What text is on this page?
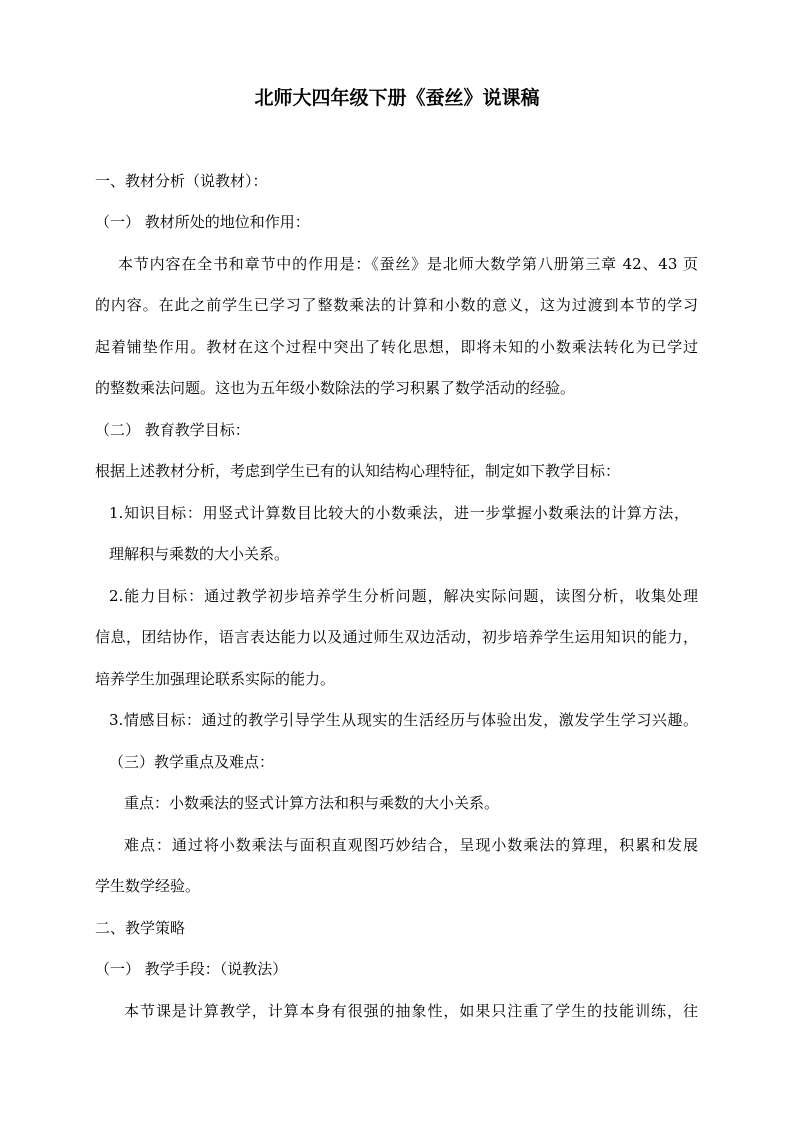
北师大四年级下册《蚕丝》说课稿
一、教材分析（说教材）：
（一） 教材所处的地位和作用：
本节内容在全书和章节中的作用是：《蚕丝》是北师大数学第八册第三章 42、43 页
的内容。在此之前学生已学习了整数乘法的计算和小数的意义，这为过渡到本节的学习
起着铺垫作用。教材在这个过程中突出了转化思想，即将未知的小数乘法转化为已学过
的整数乘法问题。这也为五年级小数除法的学习积累了数学活动的经验。
（二） 教育教学目标：
根据上述教材分析，考虑到学生已有的认知结构心理特征，制定如下教学目标：
1.知识目标：用竖式计算数目比较大的小数乘法，进一步掌握小数乘法的计算方法，
理解积与乘数的大小关系。
2.能力目标：通过教学初步培养学生分析问题，解决实际问题，读图分析，收集处理
信息，团结协作，语言表达能力以及通过师生双边活动，初步培养学生运用知识的能力，
培养学生加强理论联系实际的能力。
3.情感目标：通过的教学引导学生从现实的生活经历与体验出发，激发学生学习兴趣。
（三）教学重点及难点：
重点：小数乘法的竖式计算方法和积与乘数的大小关系。
难点：通过将小数乘法与面积直观图巧妙结合，呈现小数乘法的算理，积累和发展
学生数学经验。
二、教学策略
（一） 教学手段：（说教法）
本节课是计算教学，计算本身有很强的抽象性，如果只注重了学生的技能训练，往
